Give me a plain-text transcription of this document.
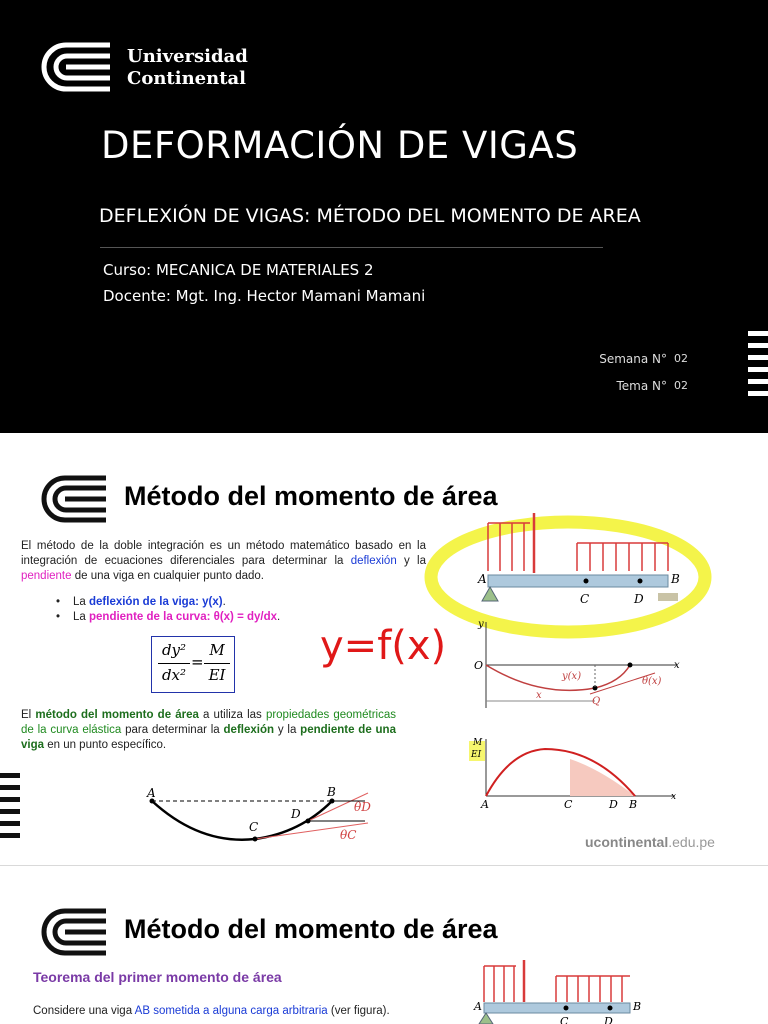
Universidad
Continental
DEFORMACIÓN DE VIGAS
DEFLEXIÓN DE VIGAS: MÉTODO DEL MOMENTO DE AREA
Curso: MECANICA DE MATERIALES 2
Docente: Mgt. Ing. Hector Mamani Mamani
Semana N° 02
Tema N° 02
Método del momento de área
El método de la doble integración es un método matemático basado en la integración de ecuaciones diferenciales para determinar la deflexión y la pendiente de una viga en cualquier punto dado.
• La deflexión de la viga: y(x).
• La pendiente de la curva: θ(x) = dy/dx.
dy²
dx²
=
M
EI
El método del momento de área a utiliza las propiedades geométricas de la curva elástica para determinar la deflexión y la pendiente de una viga en un punto específico.
A	B
D
C
θD
θC
A	B
C	D
y=f(x)	y
O	x
y(x)	θ(x)
Q
x
M
EI
A	C	D B
x
ucontinental.edu.pe
Método del momento de área
Teorema del primer momento de área
Considere una viga AB sometida a alguna carga arbitraria (ver figura).	A	B
C	D
